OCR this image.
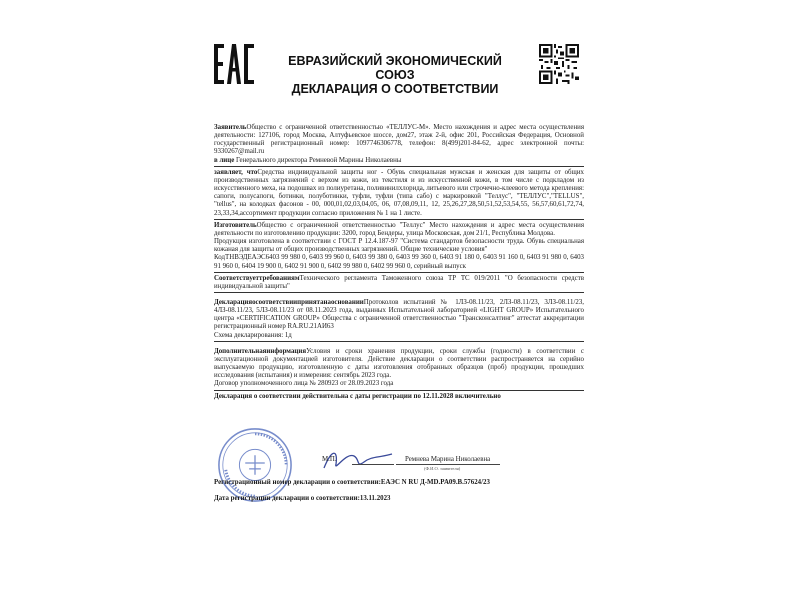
ЕВРАЗИЙСКИЙ ЭКОНОМИЧЕСКИЙ СОЮЗ
ДЕКЛАРАЦИЯ О СООТВЕТСТВИИ

ЗаявительОбщество с ограниченной ответственностью «ТЕЛЛУС-М». Место нахождения и адрес места осуществления деятельности: 127106, город Москва, Алтуфьевское шоссе, дом27, этаж 2-й, офис 201, Российская Федерация, Основной государственный регистрационный номер: 1097746306778, телефон: 8(499)201-84-62, адрес электронной почты: 9330267@mail.ru

в лице Генерального директора Ремневой Марины Николаевны

заявляет, чтоСредства индивидуальной защиты ног - Обувь специальная мужская и женская для защиты от общих производственных загрязнений с верхом из кожи, из текстиля и из искусственной кожи, в том числе с подкладом из искусственного меха, на подошвах из полиуретана, поливинилхлорида, литьевого или строчечно-клеевого метода крепления: сапоги, полусапоги, ботинки, полуботинки, туфли, туфли (типа сабо) с маркировкой "Теллус", "ТЕЛЛУС","TELLUS", "tellus", на колодках фасонов - 00, 000,01,02,03,04,05, 06, 07,08,09,11, 12, 25,26,27,28,50,51,52,53,54,55, 56,57,60,61,72,74, 23,33,34,ассортимент продукции согласно приложения № 1 на 1 листе.

ИзготовительОбщество с ограниченной ответственностью "Теллус" Место нахождения и адрес места осуществления деятельности по изготовлению продукции: 3200, город Бендеры, улица Московская, дом 21/1, Республика Молдова.

Продукция изготовлена в соответствии с ГОСТ Р 12.4.187-97 "Система стандартов безопасности труда. Обувь специальная кожаная для защиты от общих производственных загрязнений. Общие технические условия"

КодТНВЭДЕАЭС6403 99 980 0, 6403 99 960 0, 6403 99 380 0, 6403 99 360 0, 6403 91 180 0, 6403 91 160 0, 6403 91 980 0, 6403 91 960 0, 6404 19 900 0, 6402 91 900 0, 6402 99 980 0, 6402 99 960 0, серийный выпуск

СоответствуеттребованиямТехнического регламента Таможенного союза ТР ТС 019/2011 "О безопасности средств индивидуальной защиты"

ДекларацияосоответствиипринятанаоснованииПротоколов испытаний № 1ЛЗ-08.11/23, 2ЛЗ-08.11/23, 3ЛЗ-08.11/23, 4ЛЗ-08.11/23, 5ЛЗ-08.11/23 от 08.11.2023 года, выданных Испытательной лабораторией «LIGHT GROUP» Испытательного центра «CERTIFICATION GROUP» Общества с ограниченной ответственностью "Трансконсалтинг" аттестат аккредитации регистрационный номер RA.RU.21АИ63

Схема декларирования: 1д

ДополнительнаяинформацияУсловия и сроки хранения продукции, сроки службы (годности) в соответствии с эксплуатационной документацией изготовителя. Действие декларации о соответствии распространяется на серийно выпускаемую продукцию, изготовленную с даты изготовления отобранных образцов (проб) продукции, прошедших исследования (испытания) и измерения: сентябрь 2023 года.

Договор уполномоченного лица № 280923 от 28.09.2023 года

Декларация о соответствии действительна с даты регистрации по 12.11.2028 включительно
М.П.	Ремнева Марина Николаевна
(Ф.И.О. заявителя)
Регистрационный номер декларации о соответствии:ЕАЭС N RU Д-MD.PA09.B.57624/23
Дата регистрации декларации о соответствии:13.11.2023
